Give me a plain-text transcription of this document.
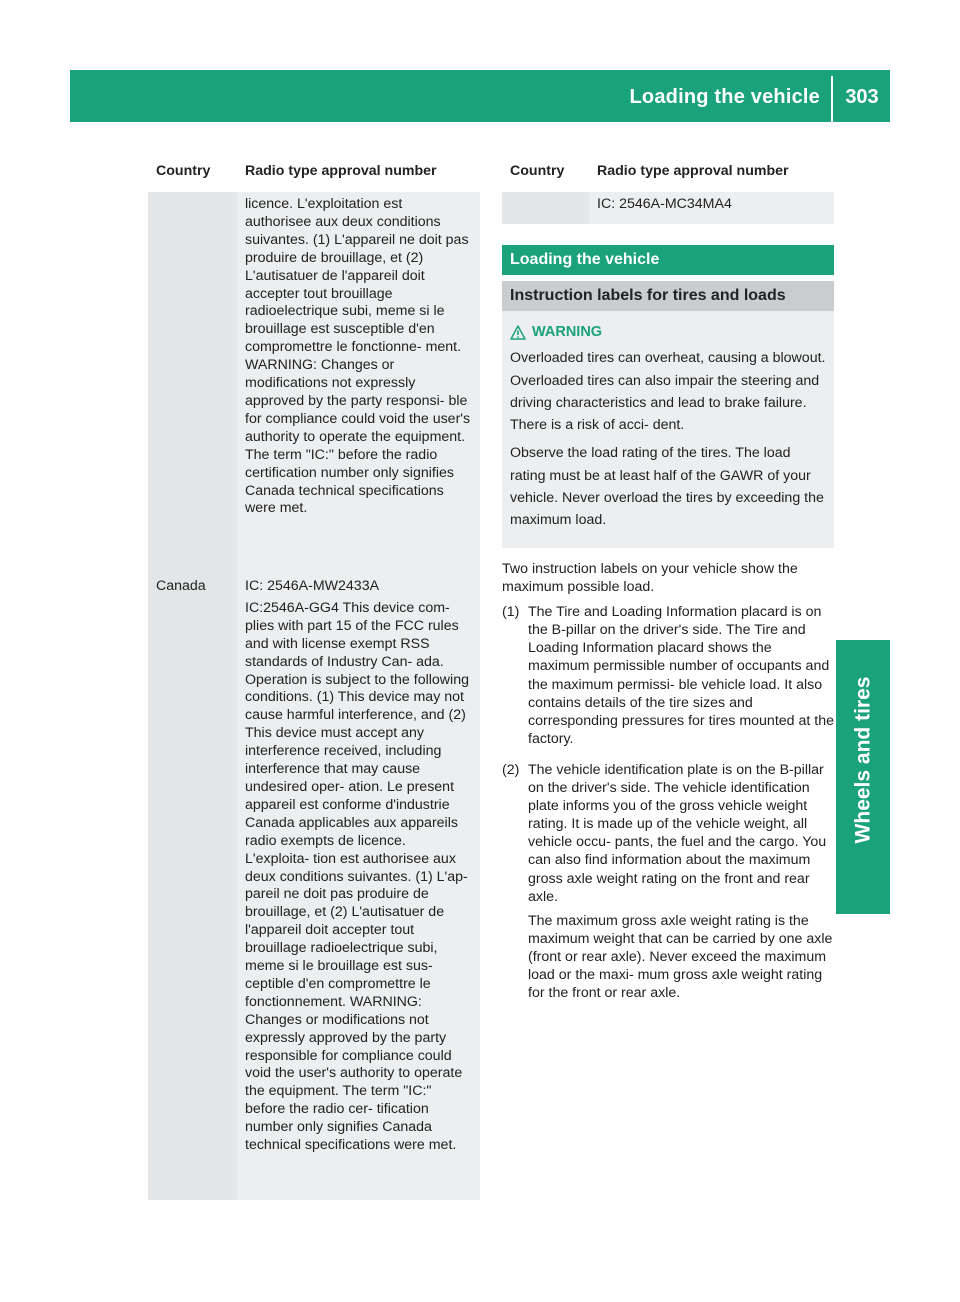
Loading the vehicle	303
Wheels and tires
Country	Radio type approval number

	licence. L'exploitation est authorisee aux deux conditions suivantes. (1) L'appareil ne doit pas produire de brouillage, et (2) L'autisatuer de l'appareil doit accepter tout brouillage radioelectrique subi, meme si le brouillage est susceptible d'en compromettre le fonctionne- ment. WARNING: Changes or modifications not expressly approved by the party responsi- ble for compliance could void the user's authority to operate the equipment. The term "IC:" before the radio certification number only signifies Canada technical specifications were met.

Canada	IC: 2546A-MW2433A

IC:2546A-GG4 This device com- plies with part 15 of the FCC rules and with license exempt RSS standards of Industry Can- ada. Operation is subject to the following conditions. (1) This device may not cause harmful interference, and (2) This device must accept any interference received, including interference that may cause undesired oper- ation. Le present appareil est conforme d'industrie Canada applicables aux appareils radio exempts de licence. L'exploita- tion est authorisee aux deux conditions suivantes. (1) L'ap- pareil ne doit pas produire de brouillage, et (2) L'autisatuer de l'appareil doit accepter tout brouillage radioelectrique subi, meme si le brouillage est sus- ceptible d'en compromettre le fonctionnement. WARNING: Changes or modifications not expressly approved by the party responsible for compliance could void the user's authority to operate the equipment. The term "IC:" before the radio cer- tification number only signifies Canada technical specifications were met.

Country	Radio type approval number
	IC: 2546A-MC34MA4
Loading the vehicle
Instruction labels for tires and loads
WARNING

Overloaded tires can overheat, causing a blowout. Overloaded tires can also impair the steering and driving characteristics and lead to brake failure. There is a risk of acci- dent.

Observe the load rating of the tires. The load rating must be at least half of the GAWR of your vehicle. Never overload the tires by exceeding the maximum load.

Two instruction labels on your vehicle show the maximum possible load.

(1) The Tire and Loading Information placard is on the B-pillar on the driver's side. The Tire and Loading Information placard shows the maximum permissible number of occupants and the maximum permissi- ble vehicle load. It also contains details of the tire sizes and corresponding pressures for tires mounted at the factory.

(2) The vehicle identification plate is on the B-pillar on the driver's side. The vehicle identification plate informs you of the gross vehicle weight rating. It is made up of the vehicle weight, all vehicle occu- pants, the fuel and the cargo. You can also find information about the maximum gross axle weight rating on the front and rear axle.

The maximum gross axle weight rating is the maximum weight that can be carried by one axle (front or rear axle). Never exceed the maximum load or the maxi- mum gross axle weight rating for the front or rear axle.
